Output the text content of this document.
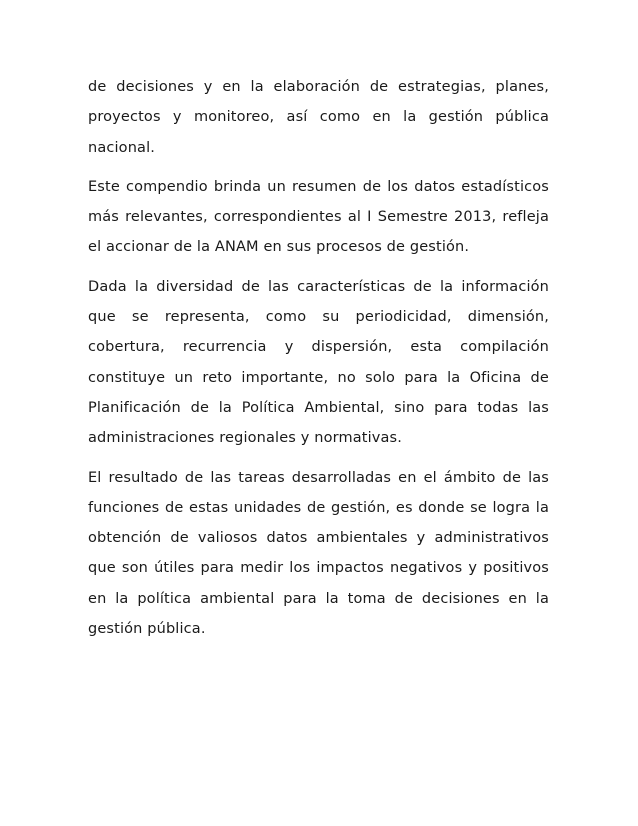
de decisiones y en la elaboración de estrategias, planes, proyectos y monitoreo, así como en la gestión pública nacional.

Este compendio brinda un resumen de los datos estadísticos más relevantes, correspondientes al I Semestre 2013, refleja el accionar de la ANAM en sus procesos de gestión.

Dada la diversidad de las características de la información que se representa, como su periodicidad, dimensión, cobertura, recurrencia y dispersión, esta compilación constituye un reto importante, no solo para la Oficina de Planificación de la Política Ambiental, sino para todas las administraciones regionales y normativas.

El resultado de las tareas desarrolladas en el ámbito de las funciones de estas unidades de gestión, es donde se logra la obtención de valiosos datos ambientales y administrativos que son útiles para medir los impactos negativos y positivos en la política ambiental para la toma de decisiones en la gestión pública.
